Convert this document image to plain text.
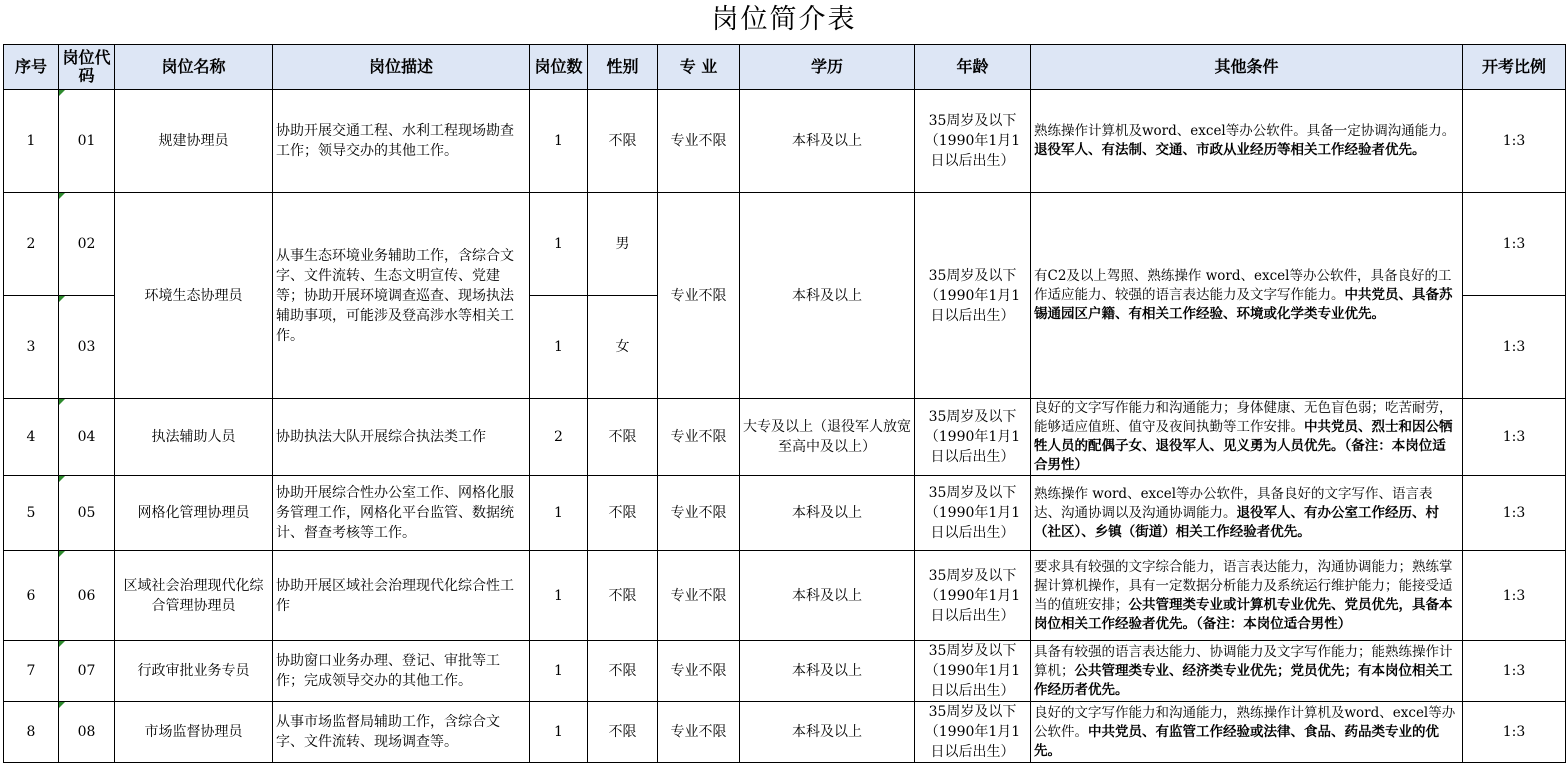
岗位简介表
序号	岗位代码	岗位名称	岗位描述	岗位数	性别	专 业	学历	年龄	其他条件	开考比例
1	01	规建协理员	协助开展交通工程、水利工程现场勘查工作；领导交办的其他工作。	1	不限	专业不限	本科及以上	35周岁及以下（1990年1月1日以后出生）	熟练操作计算机及word、excel等办公软件。具备一定协调沟通能力。退役军人、有法制、交通、市政从业经历等相关工作经验者优先。	1:3
2	02	环境生态协理员	从事生态环境业务辅助工作，含综合文字、文件流转、生态文明宣传、党建等；协助开展环境调查巡查、现场执法辅助事项，可能涉及登高涉水等相关工作。	1	男	专业不限	本科及以上	35周岁及以下（1990年1月1日以后出生）	有C2及以上驾照、熟练操作 word、excel等办公软件，具备良好的工作适应能力、较强的语言表达能力及文字写作能力。中共党员、具备苏锡通园区户籍、有相关工作经验、环境或化学类专业优先。	1:3
3	03			1	女					1:3
4	04	执法辅助人员	协助执法大队开展综合执法类工作	2	不限	专业不限	大专及以上（退役军人放宽至高中及以上）	35周岁及以下（1990年1月1日以后出生）	良好的文字写作能力和沟通能力；身体健康、无色盲色弱；吃苦耐劳，能够适应值班、值守及夜间执勤等工作安排。中共党员、烈士和因公牺牲人员的配偶子女、退役军人、见义勇为人员优先。（备注：本岗位适合男性）	1:3
5	05	网格化管理协理员	协助开展综合性办公室工作、网格化服务管理工作，网格化平台监管、数据统计、督查考核等工作。	1	不限	专业不限	本科及以上	35周岁及以下（1990年1月1日以后出生）	熟练操作 word、excel等办公软件，具备良好的文字写作、语言表达、沟通协调以及沟通协调能力。退役军人、有办公室工作经历、村（社区）、乡镇（街道）相关工作经验者优先。	1:3
6	06	区域社会治理现代化综合管理协理员	协助开展区域社会治理现代化综合性工作	1	不限	专业不限	本科及以上	35周岁及以下（1990年1月1日以后出生）	要求具有较强的文字综合能力，语言表达能力，沟通协调能力；熟练掌握计算机操作，具有一定数据分析能力及系统运行维护能力；能接受适当的值班安排；公共管理类专业或计算机专业优先、党员优先，具备本岗位相关工作经验者优先。（备注：本岗位适合男性）	1:3
7	07	行政审批业务专员	协助窗口业务办理、登记、审批等工作；完成领导交办的其他工作。	1	不限	专业不限	本科及以上	35周岁及以下（1990年1月1日以后出生）	具备有较强的语言表达能力、协调能力及文字写作能力；能熟练操作计算机；公共管理类专业、经济类专业优先；党员优先；有本岗位相关工作经历者优先。	1:3
8	08	市场监督协理员	从事市场监督局辅助工作，含综合文字、文件流转、现场调查等。	1	不限	专业不限	本科及以上	35周岁及以下（1990年1月1日以后出生）	良好的文字写作能力和沟通能力，熟练操作计算机及word、excel等办公软件。中共党员、有监管工作经验或法律、食品、药品类专业的优先。	1:3
